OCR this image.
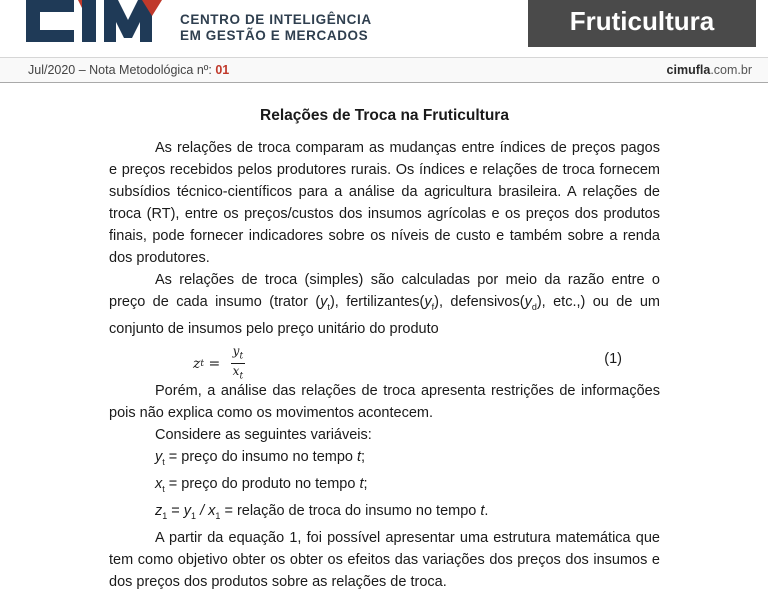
CENTRO DE INTELIGÊNCIA
EM GESTÃO E MERCADOS	Fruticultura
Jul/2020 – Nota Metodológica nº: 01	cimufla.com.br
Relações de Troca na Fruticultura

As relações de troca comparam as mudanças entre índices de preços pagos e preços recebidos pelos produtores rurais. Os índices e relações de troca fornecem subsídios técnico-científicos para a análise da agricultura brasileira. A relações de troca (RT), entre os preços/custos dos insumos agrícolas e os preços dos produtos finais, pode fornecer indicadores sobre os níveis de custo e também sobre a renda dos produtores.

As relações de troca (simples) são calculadas por meio da razão entre o preço de cada insumo (trator $(y_t)$, $fertilizantes(y_f)$, $defensivos(y_d)$, etc.,) ou de um conjunto de insumos pelo preço unitário do produto

z $t = \frac{y_t}{x_t}$	(1)

Porém, a análise das relações de troca apresenta restrições de informações pois não explica como os movimentos acontecem.

Considere as seguintes variáveis:

$y_t$ = preço do insumo no tempo t;

$x_t$ = preço do produto no tempo t;

$z_1 = y_1 / x_1$ = relação de troca do insumo no tempo t.

A partir da equação 1, foi possível apresentar uma estrutura matemática que tem como objetivo obter os obter os efeitos das variações dos preços dos insumos e dos preços dos produtos sobre as relações de troca.
